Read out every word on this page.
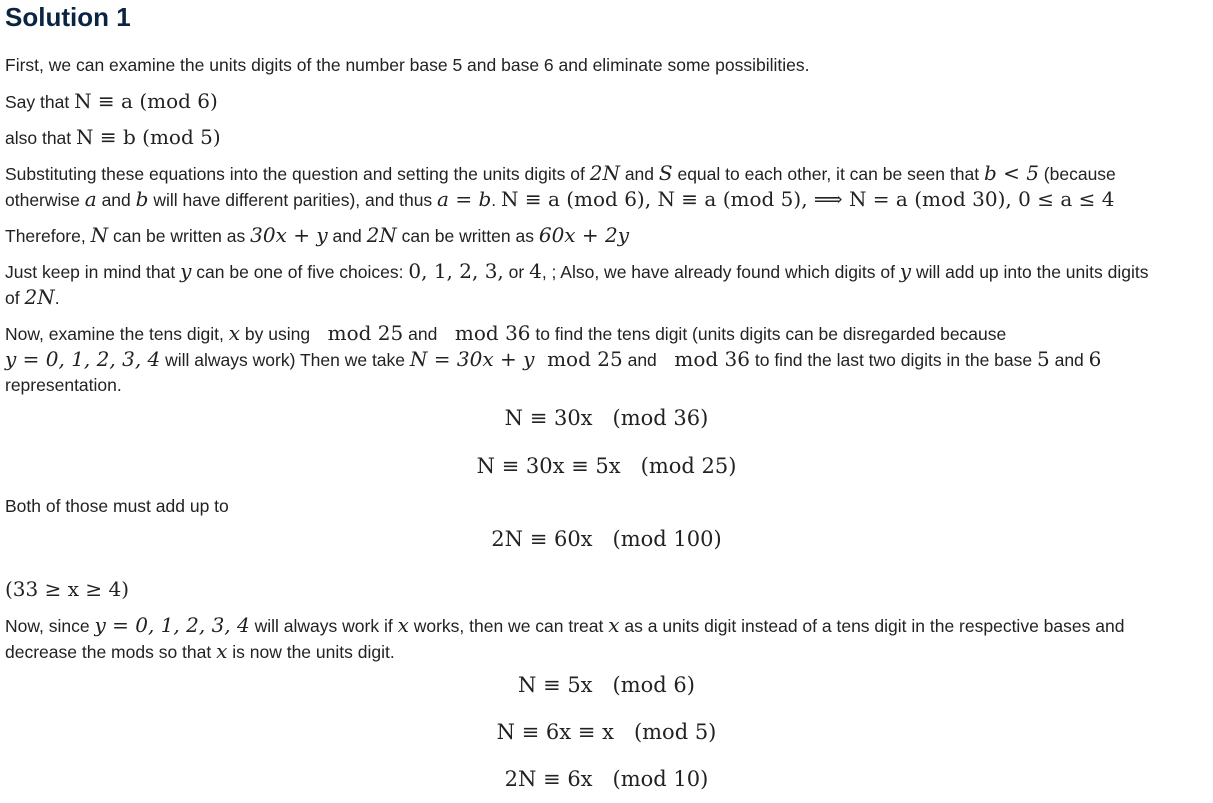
Solution 1
First, we can examine the units digits of the number base 5 and base 6 and eliminate some possibilities.
Say that N ≡ a (mod 6)
also that N ≡ b (mod 5)
Substituting these equations into the question and setting the units digits of 2N and S equal to each other, it can be seen that b < 5 (because
otherwise a and b will have different parities), and thus a = b. N ≡ a (mod 6), N ≡ a (mod 5), ⟹ N = a (mod 30), 0 ≤ a ≤ 4
Therefore, N can be written as 30x + y and 2N can be written as 60x + 2y
Just keep in mind that y can be one of five choices: 0, 1, 2, 3, or 4, ; Also, we have already found which digits of y will add up into the units digits
of 2N.
Now, examine the tens digit, x by using   mod 25 and   mod 36 to find the tens digit (units digits can be disregarded because
y = 0, 1, 2, 3, 4 will always work) Then we take N = 30x + y  mod 25 and   mod 36 to find the last two digits in the base 5 and 6
representation.
N ≡ 30x   (mod 36)
N ≡ 30x ≡ 5x   (mod 25)
Both of those must add up to
2N ≡ 60x   (mod 100)
(33 ≥ x ≥ 4)
Now, since y = 0, 1, 2, 3, 4 will always work if x works, then we can treat x as a units digit instead of a tens digit in the respective bases and
decrease the mods so that x is now the units digit.
N ≡ 5x   (mod 6)
N ≡ 6x ≡ x   (mod 5)
2N ≡ 6x   (mod 10)
